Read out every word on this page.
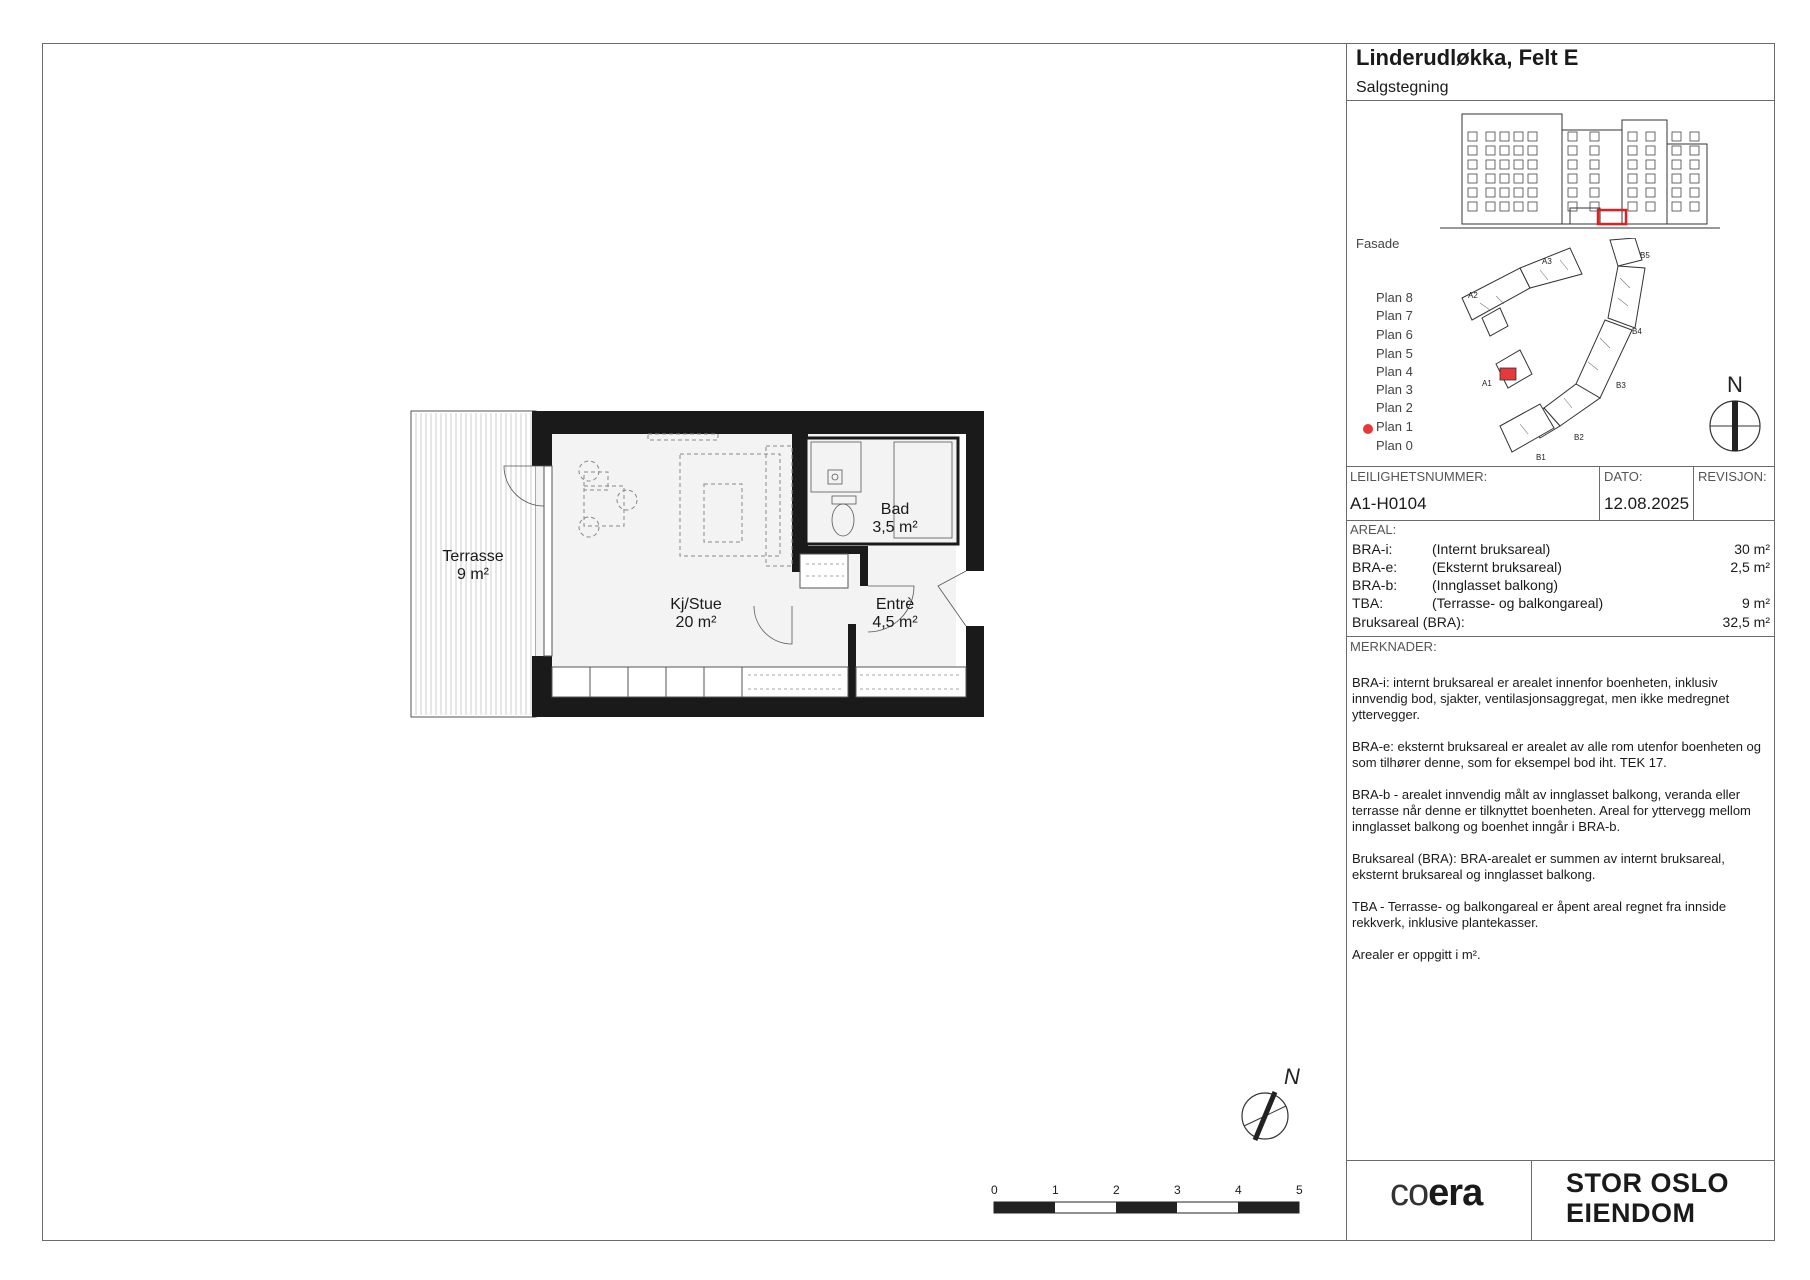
Linderudløkka, Felt E
Salgstegning
Fasade
Plan 8
Plan 7
Plan 6
Plan 5
Plan 4
Plan 3
Plan 2
Plan 1
Plan 0
A1
A2
A3
B1
B2
B3
B4
B5
N
LEILIGHETSNUMMER:	DATO:	REVISJON:
A1-H0104	12.08.2025
AREAL:
BRA-i:	(Internt bruksareal)	30 m²
BRA-e: (Eksternt bruksareal)	2,5 m²
BRA-b: (Innglasset balkong)
TBA:	(Terrasse- og balkongareal)	9 m²
Bruksareal (BRA):	32,5 m²
MERKNADER:

BRA-i: internt bruksareal er arealet innenfor boenheten, inklusiv innvendig bod, sjakter, ventilasjonsaggregat, men ikke medregnet yttervegger.

BRA-e: eksternt bruksareal er arealet av alle rom utenfor boenheten og som tilhører denne, som for eksempel bod iht. TEK 17.

BRA-b - arealet innvendig målt av innglasset balkong, veranda eller terrasse når denne er tilknyttet boenheten. Areal for yttervegg mellom innglasset balkong og boenhet inngår i BRA-b.

Bruksareal (BRA): BRA-arealet er summen av internt bruksareal, eksternt bruksareal og innglasset balkong.

TBA - Terrasse- og balkongareal er åpent areal regnet fra innside rekkverk, inklusive plantekasser.

Arealer er oppgitt i m².

coera	STOR OSLO
EIENDOM
Terrasse
9 m²
Kj/Stue
20 m²
Bad
3,5 m²
Entrè
4,5 m²
N
0	1	2	3	4	5
